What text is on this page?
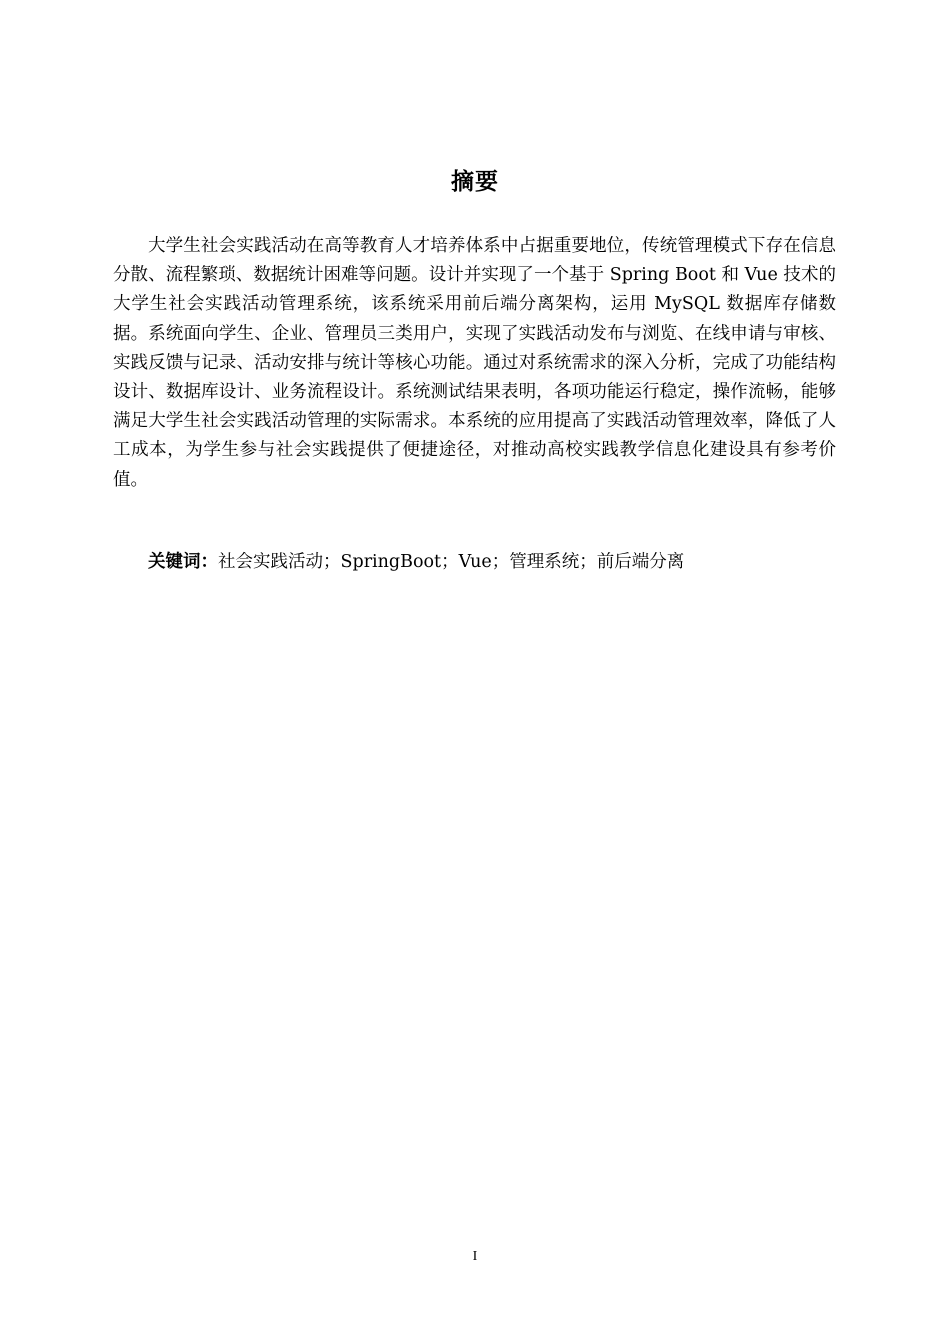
摘要

大学生社会实践活动在高等教育人才培养体系中占据重要地位，传统管理模式下存在信息分散、流程繁琐、数据统计困难等问题。设计并实现了一个基于 Spring Boot 和 Vue 技术的大学生社会实践活动管理系统，该系统采用前后端分离架构，运用 MySQL 数据库存储数据。系统面向学生、企业、管理员三类用户，实现了实践活动发布与浏览、在线申请与审核、实践反馈与记录、活动安排与统计等核心功能。通过对系统需求的深入分析，完成了功能结构设计、数据库设计、业务流程设计。系统测试结果表明，各项功能运行稳定，操作流畅，能够满足大学生社会实践活动管理的实际需求。本系统的应用提高了实践活动管理效率，降低了人工成本，为学生参与社会实践提供了便捷途径，对推动高校实践教学信息化建设具有参考价值。

关键词：社会实践活动；SpringBoot；Vue；管理系统；前后端分离
I
